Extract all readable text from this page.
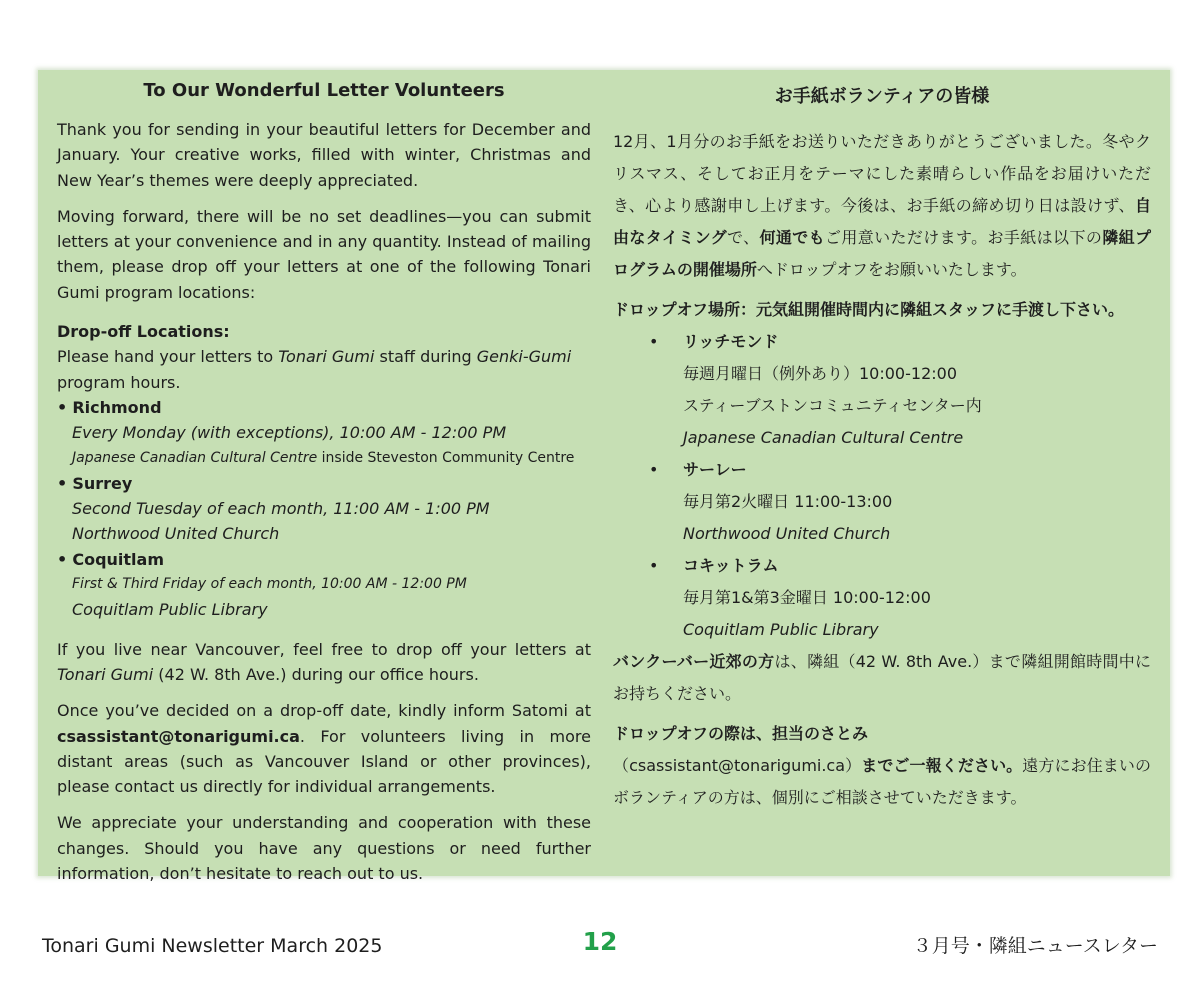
To Our Wonderful Letter Volunteers

Thank you for sending in your beautiful letters for December and January. Your creative works, filled with winter, Christmas and New Year’s themes were deeply appreciated.

Moving forward, there will be no set deadlines—you can submit letters at your convenience and in any quantity. Instead of mailing them, please drop off your letters at one of the following Tonari Gumi program locations:

Drop-off Locations:
Please hand your letters to Tonari Gumi staff during Genki-Gumi program hours.
• Richmond
Every Monday (with exceptions), 10:00 AM - 12:00 PM
Japanese Canadian Cultural Centre inside Steveston Community Centre
• Surrey
Second Tuesday of each month, 11:00 AM - 1:00 PM
Northwood United Church
• Coquitlam
First & Third Friday of each month, 10:00 AM - 12:00 PM
Coquitlam Public Library

If you live near Vancouver, feel free to drop off your letters at Tonari Gumi (42 W. 8th Ave.) during our office hours.

Once you’ve decided on a drop-off date, kindly inform Satomi at csassistant@tonarigumi.ca. For volunteers living in more distant areas (such as Vancouver Island or other provinces), please contact us directly for individual arrangements.

We appreciate your understanding and cooperation with these changes. Should you have any questions or need further information, don’t hesitate to reach out to us.

お手紙ボランティアの皆様

12月、1月分のお手紙をお送りいただきありがとうございました。冬やクリスマス、そしてお正月をテーマにした素晴らしい作品をお届けいただき、心より感謝申し上げます。今後は、お手紙の締め切り日は設けず、自由なタイミングで、何通でもご用意いただけます。お手紙は以下の隣組プログラムの開催場所へドロップオフをお願いいたします。

ドロップオフ場所：元気組開催時間内に隣組スタッフに手渡し下さい。

• リッチモンド
毎週月曜日（例外あり）10:00-12:00
スティーブストンコミュニティセンター内
Japanese Canadian Cultural Centre
• サーレー
毎月第2火曜日 11:00-13:00
Northwood United Church
• コキットラム
毎月第1&第3金曜日 10:00-12:00
Coquitlam Public Library

バンクーバー近郊の方は、隣組（42 W. 8th Ave.）まで隣組開館時間中にお持ちください。

ドロップオフの際は、担当のさとみ

（csassistant@tonarigumi.ca）までご一報ください。遠方にお住まいのボランティアの方は、個別にご相談させていただきます。

Tonari Gumi Newsletter March 2025	12	３月号・隣組ニュースレター
